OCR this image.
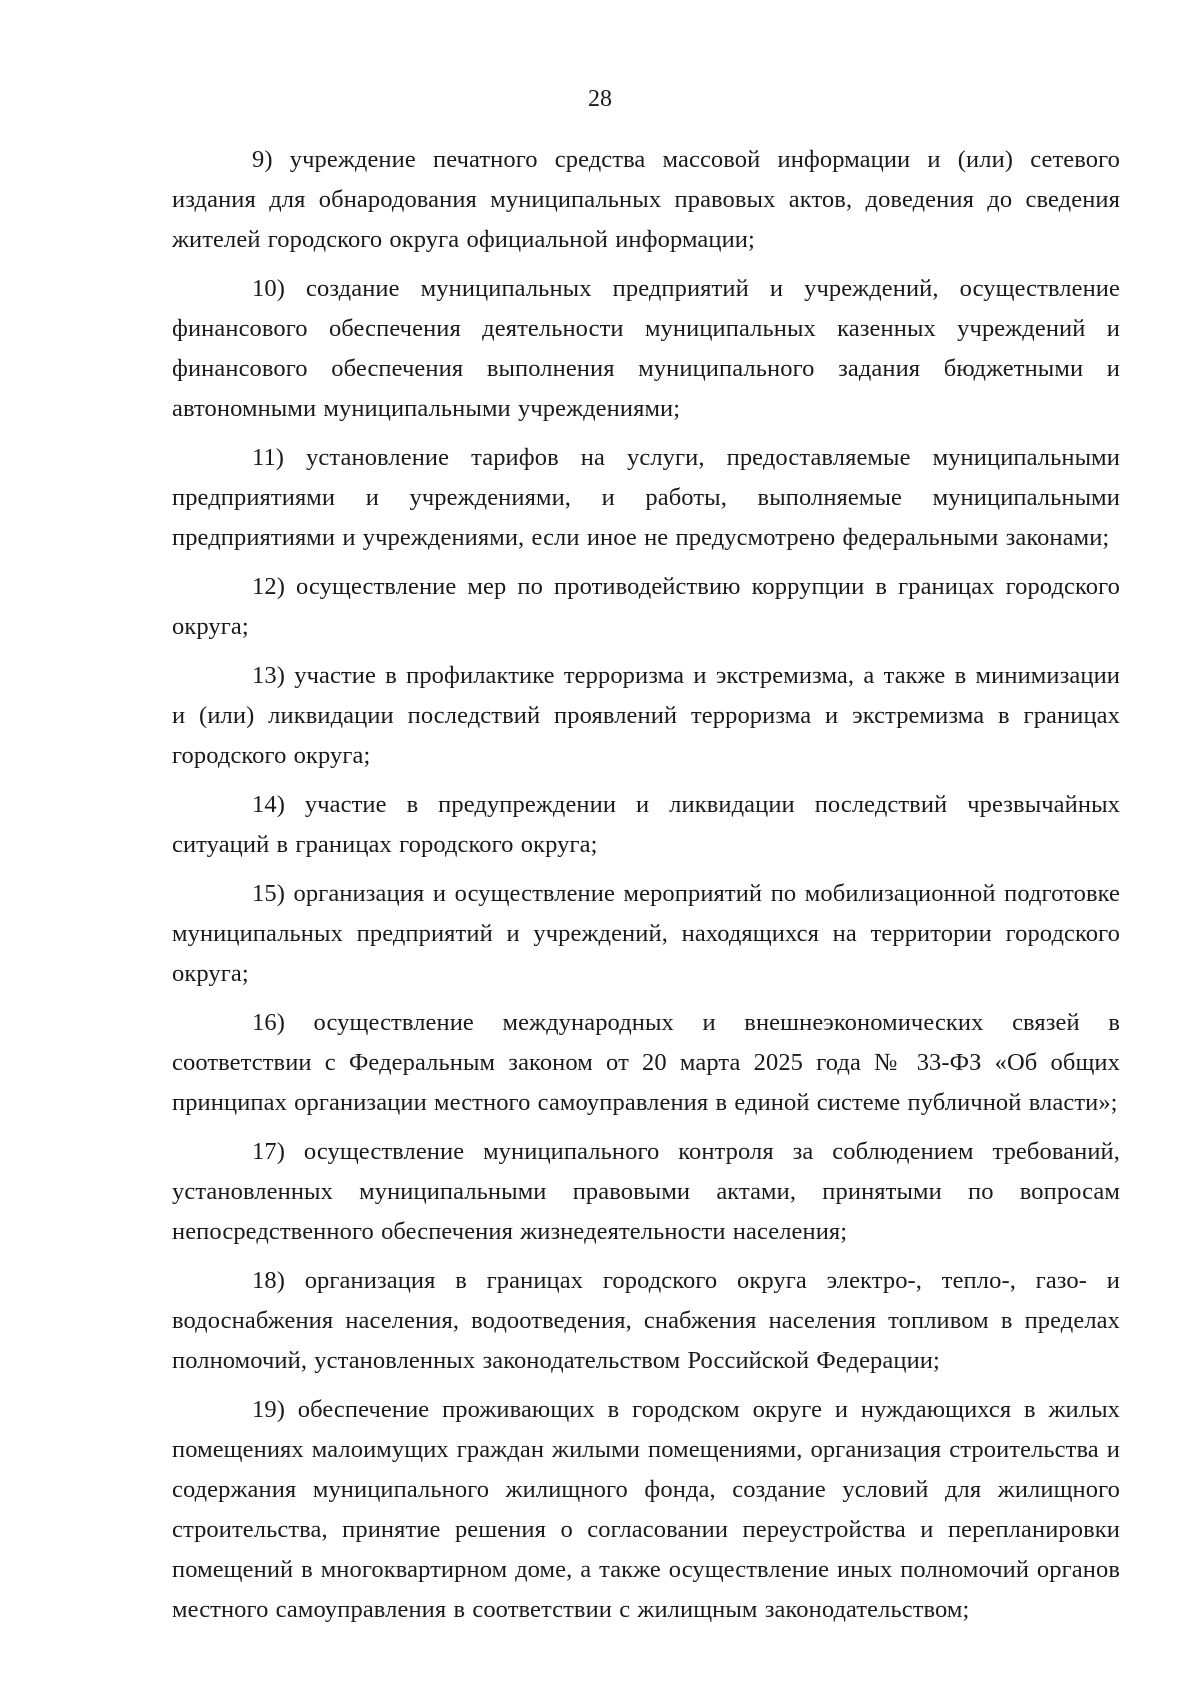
28

9) учреждение печатного средства массовой информации и (или) сетевого издания для обнародования муниципальных правовых актов, доведения до сведения жителей городского округа официальной информации;

10) создание муниципальных предприятий и учреждений, осуществление финансового обеспечения деятельности муниципальных казенных учреждений и финансового обеспечения выполнения муниципального задания бюджетными и автономными муниципальными учреждениями;

11) установление тарифов на услуги, предоставляемые муниципальными предприятиями и учреждениями, и работы, выполняемые муниципальными предприятиями и учреждениями, если иное не предусмотрено федеральными законами;

12) осуществление мер по противодействию коррупции в границах городского округа;

13) участие в профилактике терроризма и экстремизма, а также в минимизации и (или) ликвидации последствий проявлений терроризма и экстремизма в границах городского округа;

14) участие в предупреждении и ликвидации последствий чрезвычайных ситуаций в границах городского округа;

15) организация и осуществление мероприятий по мобилизационной подготовке муниципальных предприятий и учреждений, находящихся на территории городского округа;

16) осуществление международных и внешнеэкономических связей в соответствии с Федеральным законом от 20 марта 2025 года № 33-ФЗ «Об общих принципах организации местного самоуправления в единой системе публичной власти»;

17) осуществление муниципального контроля за соблюдением требований, установленных муниципальными правовыми актами, принятыми по вопросам непосредственного обеспечения жизнедеятельности населения;

18) организация в границах городского округа электро-, тепло-, газо- и водоснабжения населения, водоотведения, снабжения населения топливом в пределах полномочий, установленных законодательством Российской Федерации;

19) обеспечение проживающих в городском округе и нуждающихся в жилых помещениях малоимущих граждан жилыми помещениями, организация строительства и содержания муниципального жилищного фонда, создание условий для жилищного строительства, принятие решения о согласовании переустройства и перепланировки помещений в многоквартирном доме, а также осуществление иных полномочий органов местного самоуправления в соответствии с жилищным законодательством;
